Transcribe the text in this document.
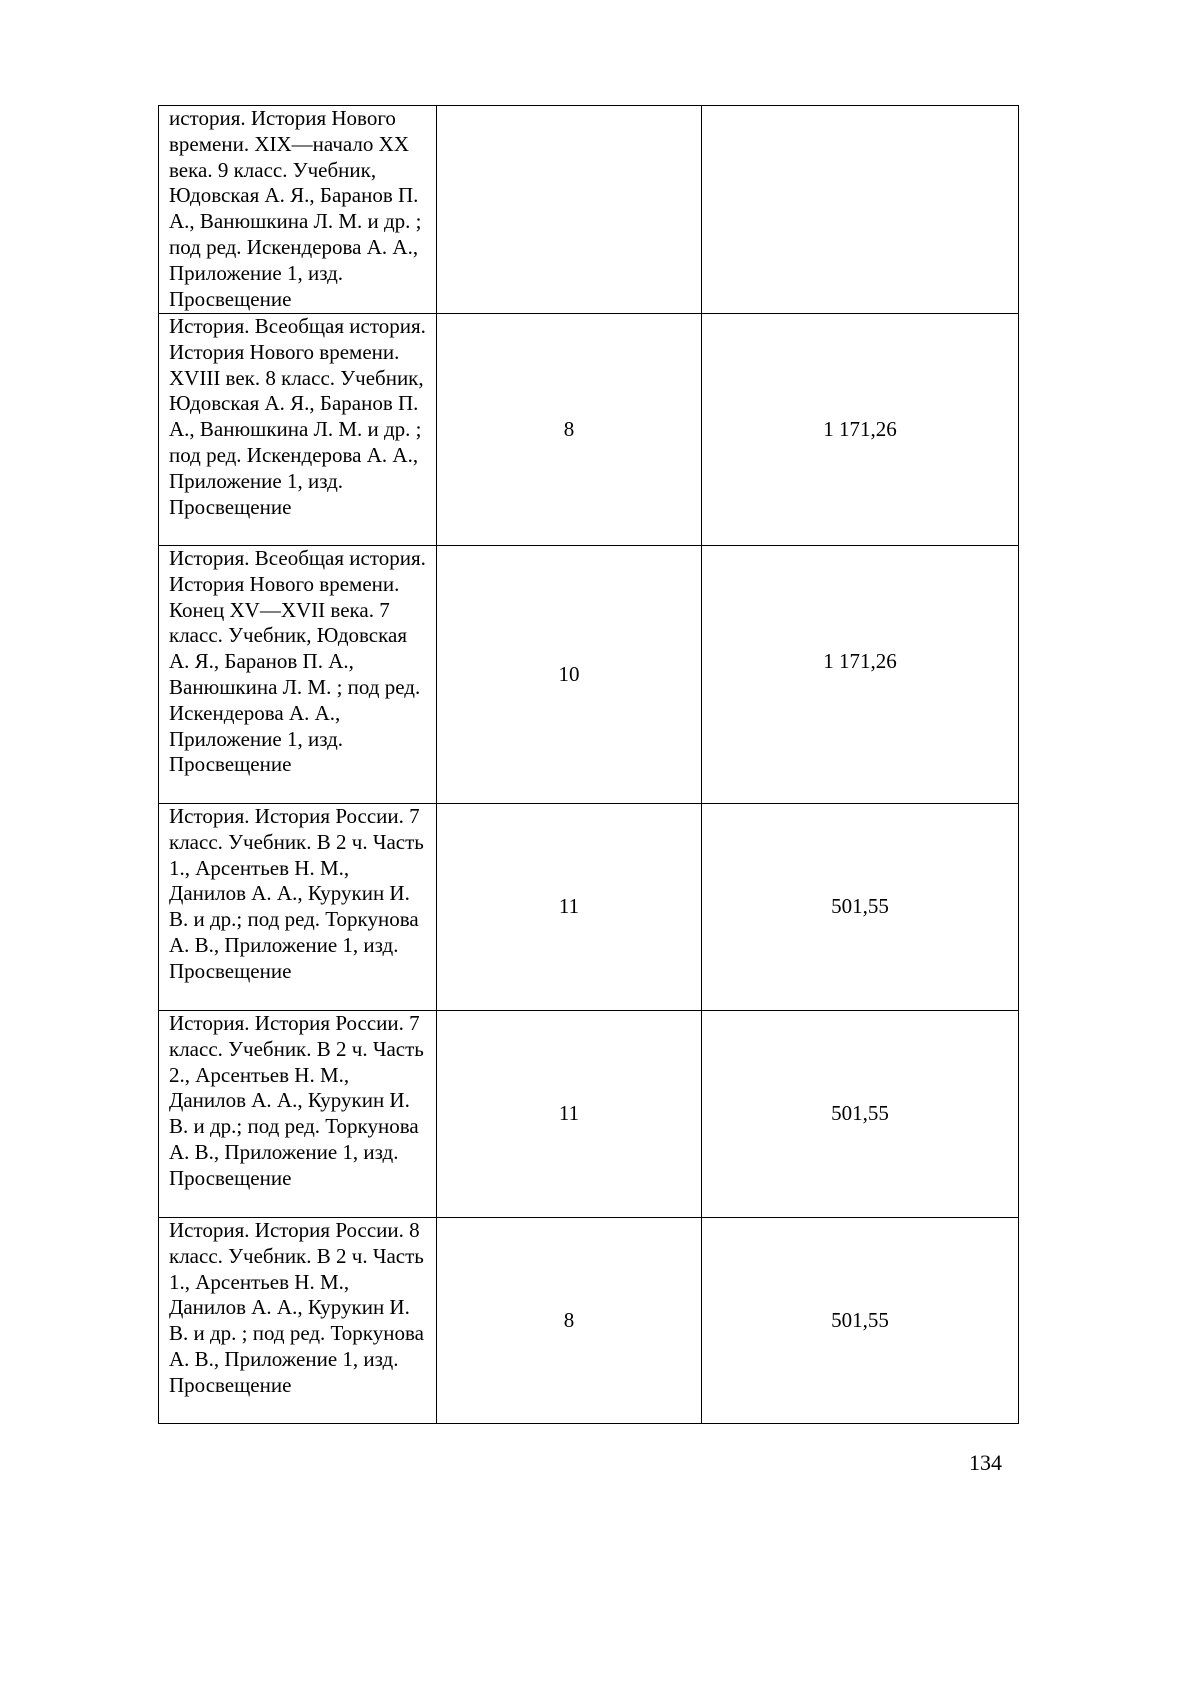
история. История Нового времени. XIX—начало XX века. 9 класс. Учебник, Юдовская А. Я., Баранов П. А., Ванюшкина Л. М. и др. ; под ред. Искендерова А. А., Приложение 1, изд. Просвещение		
История. Всеобщая история. История Нового времени. XVIII век. 8 класс. Учебник, Юдовская А. Я., Баранов П. А., Ванюшкина Л. М. и др. ; под ред. Искендерова А. А., Приложение 1, изд. Просвещение	8	1 171,26
История. Всеобщая история. История Нового времени. Конец XV—XVII века. 7 класс. Учебник, Юдовская А. Я., Баранов П. А., Ванюшкина Л. М. ; под ред. Искендерова А. А., Приложение 1, изд. Просвещение	10	1 171,26
История. История России. 7 класс. Учебник. В 2 ч. Часть 1., Арсентьев Н. М., Данилов А. А., Курукин И. В. и др.; под ред. Торкунова А. В., Приложение 1, изд. Просвещение	11	501,55
История. История России. 7 класс. Учебник. В 2 ч. Часть 2., Арсентьев Н. М., Данилов А. А., Курукин И. В. и др.; под ред. Торкунова А. В., Приложение 1, изд. Просвещение	11	501,55
История. История России. 8 класс. Учебник. В 2 ч. Часть 1., Арсентьев Н. М., Данилов А. А., Курукин И. В. и др. ; под ред. Торкунова А. В., Приложение 1, изд. Просвещение	8	501,55
134
